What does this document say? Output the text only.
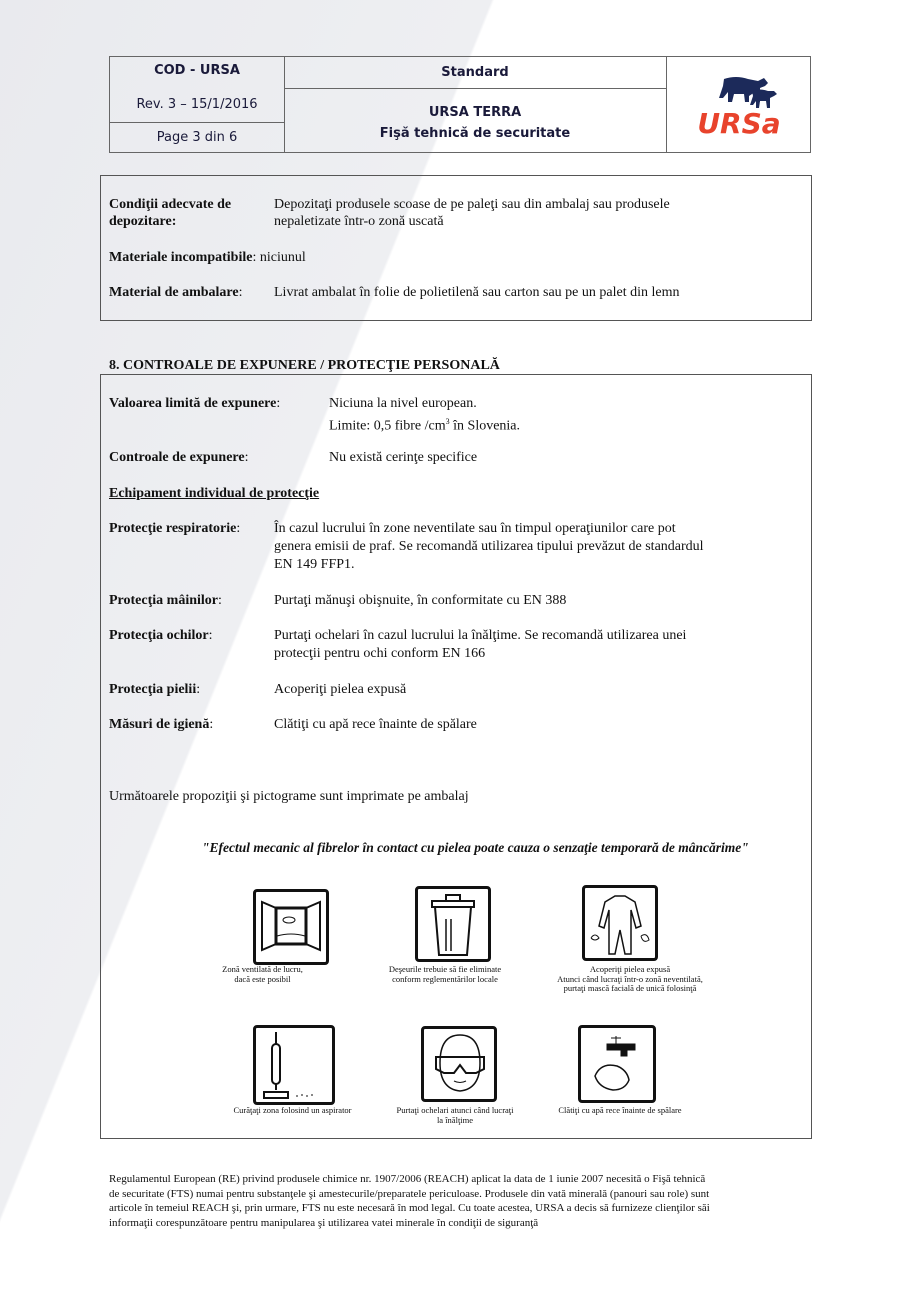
COD - URSA
Rev. 3 – 15/1/2016
Page 3 din 6
Standard
URSA TERRA
Fişă tehnică de securitate	URSa
Condiţii adecvate de
depozitare:
Depozitaţi produsele scoase de pe paleţi sau din ambalaj sau produsele
nepaletizate într-o zonă uscată
Materiale incompatibile: niciunul
Material de ambalare: Livrat ambalat în folie de polietilenă sau carton sau pe un palet din lemn
8. CONTROALE DE EXPUNERE / PROTECŢIE PERSONALĂ
Valoarea limită de expunere:	Niciuna la nivel european.
Limite: 0,5 fibre $/cm^3$ în Slovenia.
Controale de expunere:	Nu există cerinţe specifice
Echipament individual de protecţie
Protecţie respiratorie: În cazul lucrului în zone neventilate sau în timpul operaţiunilor care pot
genera emisii de praf. Se recomandă utilizarea tipului prevăzut de standardul
EN 149 FFP1.
Protecţia mâinilor:	Purtaţi mănuşi obişnuite, în conformitate cu EN 388
Protecţia ochilor:	Purtaţi ochelari în cazul lucrului la înălţime. Se recomandă utilizarea unei
protecţii pentru ochi conform EN 166
Protecţia pielii:	Acoperiţi pielea expusă
Măsuri de igienă:	Clătiţi cu apă rece înainte de spălare
Următoarele propoziţii şi pictograme sunt imprimate pe ambalaj
"Efectul mecanic al fibrelor în contact cu pielea poate cauza o senzaţie temporară de mâncărime"
Zonă ventilată de lucru,
dacă este posibil
Deşeurile trebuie să fie eliminate
conform reglementărilor locale
Acoperiţi pielea expusă
Atunci când lucraţi într-o zonă neventilată,
purtaţi mască facială de unică folosinţă
Curăţaţi zona folosind un aspirator	Purtaţi ochelari atunci când lucraţi
la înălţime
Clătiţi cu apă rece înainte de spălare
Regulamentul European (RE) privind produsele chimice nr. 1907/2006 (REACH) aplicat la data de 1 iunie 2007 necesită o Fişă tehnică
de securitate (FTS) numai pentru substanţele şi amestecurile/preparatele periculoase. Produsele din vată minerală (panouri sau role) sunt
articole în temeiul REACH şi, prin urmare, FTS nu este necesară în mod legal. Cu toate acestea, URSA a decis să furnizeze clienţilor săi
informaţii corespunzătoare pentru manipularea şi utilizarea vatei minerale în condiţii de siguranţă
